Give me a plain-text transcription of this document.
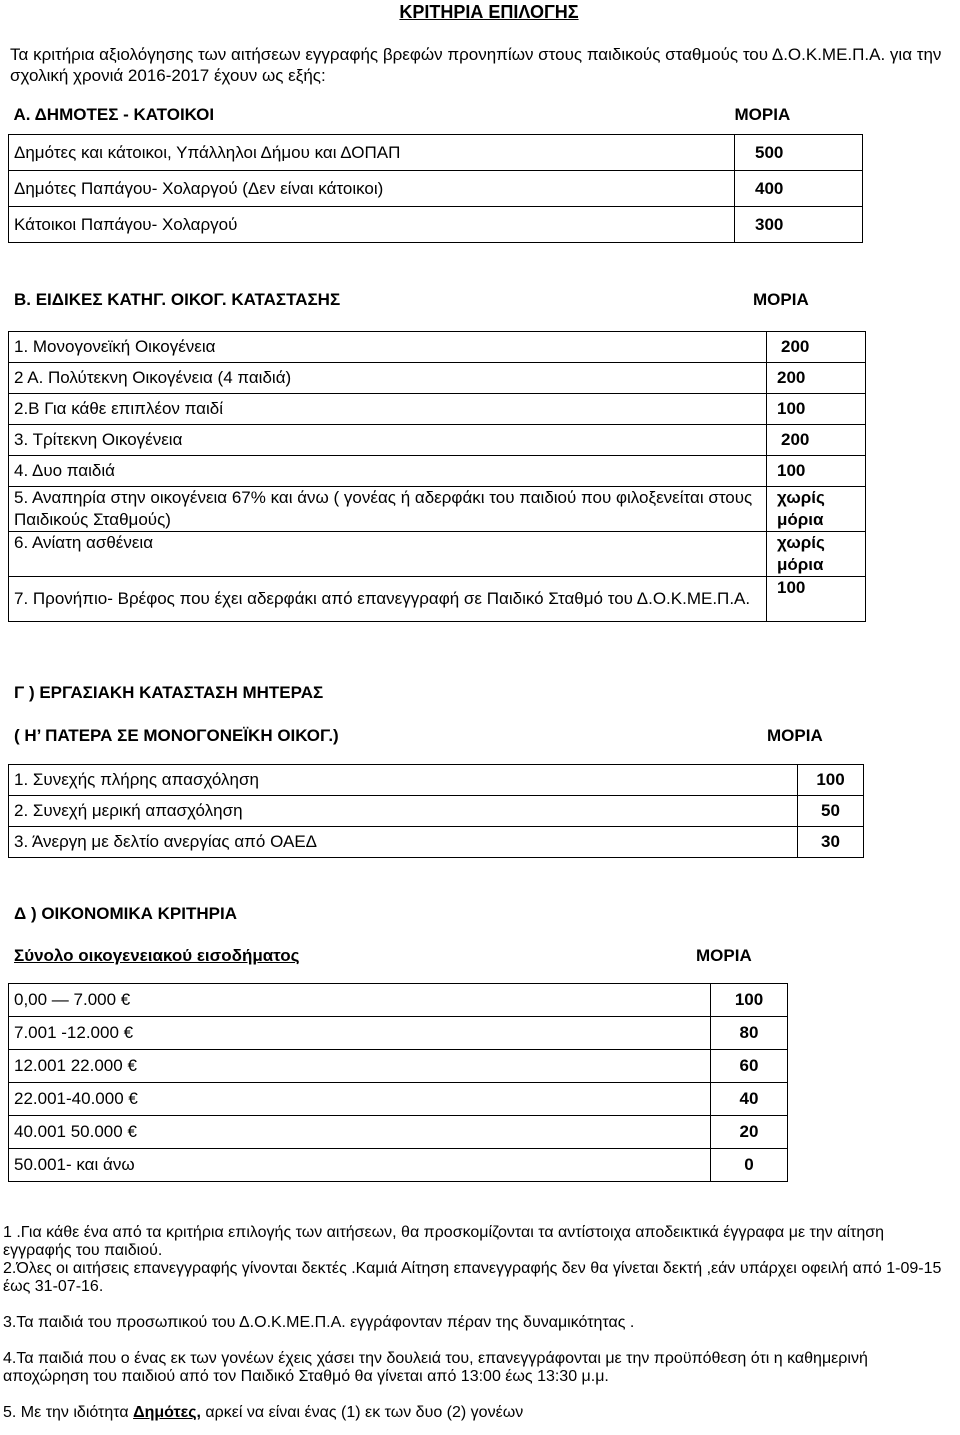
ΚΡΙΤΗΡΙΑ ΕΠΙΛΟΓΗΣ
Τα κριτήρια αξιολόγησης των αιτήσεων εγγραφής βρεφών προνηπίων στους παιδικούς σταθμούς του Δ.Ο.Κ.ΜΕ.Π.Α. για την σχολική χρονιά 2016-2017 έχουν ως εξής:
Α. ΔΗΜΟΤΕΣ - ΚΑΤΟΙΚΟΙ	ΜΟΡΙΑ
Δημότες και κάτοικοι, Υπάλληλοι Δήμου και ΔΟΠΑΠ	500
Δημότες Παπάγου- Χολαργού (Δεν είναι κάτοικοι)	400
Κάτοικοι Παπάγου- Χολαργού	300
Β. ΕΙΔΙΚΕΣ ΚΑΤΗΓ. ΟΙΚΟΓ. ΚΑΤΑΣΤΑΣΗΣ	ΜΟΡΙΑ
1. Μονογονεϊκή Οικογένεια	200
2 Α. Πολύτεκνη Οικογένεια (4 παιδιά)	200
2.Β Για κάθε επιπλέον παιδί	100
3. Τρίτεκνη Οικογένεια	200
4. Δυο παιδιά	100
5. Αναπηρία στην οικογένεια 67% και άνω ( γονέας ή αδερφάκι του παιδιού που φιλοξενείται στους Παιδικούς Σταθμούς)	χωρίς μόρια
6. Ανίατη ασθένεια	χωρίς μόρια
7. Προνήπιο- Βρέφος που έχει αδερφάκι από επανεγγραφή σε Παιδικό Σταθμό του Δ.Ο.Κ.ΜΕ.Π.Α.	100
Γ ) ΕΡΓΑΣΙΑΚΗ ΚΑΤΑΣΤΑΣΗ ΜΗΤΕΡΑΣ
( Η’ ΠΑΤΕΡΑ ΣΕ ΜΟΝΟΓΟΝΕΪΚΗ ΟΙΚΟΓ.)	ΜΟΡΙΑ
1. Συνεχής πλήρης απασχόληση	100
2. Συνεχή μερική απασχόληση	50
3. Άνεργη με δελτίο ανεργίας από ΟΑΕΔ	30
Δ ) ΟΙΚΟΝΟΜΙΚΑ ΚΡΙΤΗΡΙΑ
Σύνολο οικογενειακού εισοδήματος	ΜΟΡΙΑ
0,00 — 7.000 €	100
7.001 -12.000 €	80
12.001 22.000 €	60
22.001-40.000 €	40
40.001 50.000 €	20
50.001- και άνω	0

1 .Για κάθε ένα από τα κριτήρια επιλογής των αιτήσεων, θα προσκομίζονται τα αντίστοιχα αποδεικτικά έγγραφα με την αίτηση εγγραφής του παιδιού.

2.Όλες οι αιτήσεις επανεγγραφής γίνονται δεκτές .Καμιά Αίτηση επανεγγραφής δεν θα γίνεται δεκτή ,εάν υπάρχει οφειλή από 1-09-15 έως 31-07-16.

3.Τα παιδιά του προσωπικού του Δ.Ο.Κ.ΜΕ.Π.Α. εγγράφονταν πέραν της δυναμικότητας .

4.Τα παιδιά που ο ένας εκ των γονέων έχεις χάσει την δουλειά του, επανεγγράφονται με την προϋπόθεση ότι η καθημερινή αποχώρηση του παιδιού από τον Παιδικό Σταθμό θα γίνεται από 13:00 έως 13:30 μ.μ.

5. Με την ιδιότητα Δημότες, αρκεί να είναι ένας (1) εκ των δυο (2) γονέων
